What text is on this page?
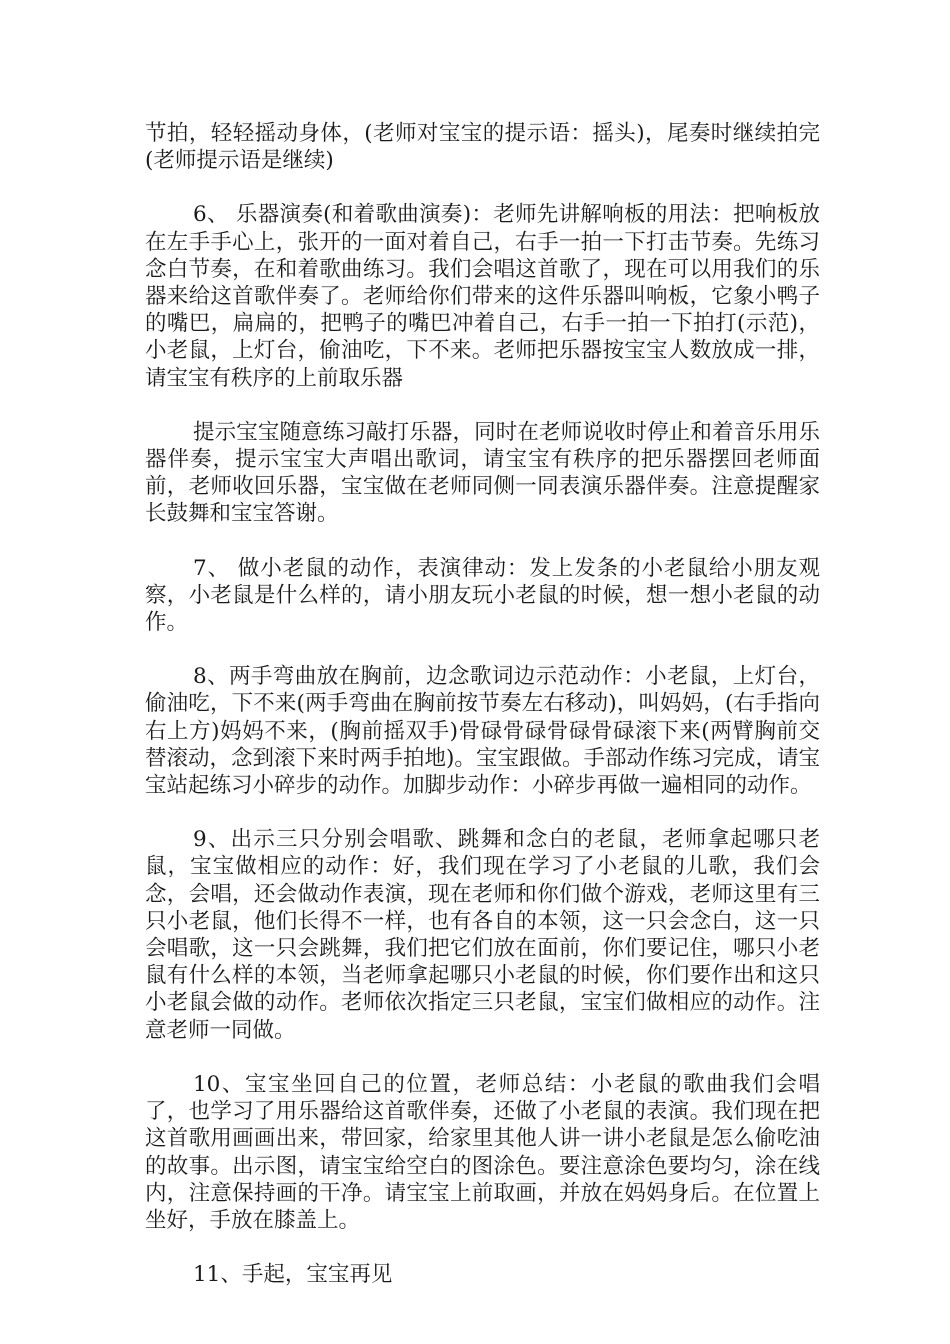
节拍，轻轻摇动身体，(老师对宝宝的提示语：摇头)，尾奏时继续拍完(老师提示语是继续)

6、 乐器演奏(和着歌曲演奏)：老师先讲解响板的用法：把响板放在左手手心上，张开的一面对着自己，右手一拍一下打击节奏。先练习念白节奏，在和着歌曲练习。我们会唱这首歌了，现在可以用我们的乐器来给这首歌伴奏了。老师给你们带来的这件乐器叫响板，它象小鸭子的嘴巴，扁扁的，把鸭子的嘴巴冲着自己，右手一拍一下拍打(示范)，小老鼠，上灯台，偷油吃，下不来。老师把乐器按宝宝人数放成一排，请宝宝有秩序的上前取乐器

提示宝宝随意练习敲打乐器，同时在老师说收时停止和着音乐用乐器伴奏，提示宝宝大声唱出歌词，请宝宝有秩序的把乐器摆回老师面前，老师收回乐器，宝宝做在老师同侧一同表演乐器伴奏。注意提醒家长鼓舞和宝宝答谢。

7、 做小老鼠的动作，表演律动：发上发条的小老鼠给小朋友观察，小老鼠是什么样的，请小朋友玩小老鼠的时候，想一想小老鼠的动作。

8、两手弯曲放在胸前，边念歌词边示范动作：小老鼠，上灯台，偷油吃，下不来(两手弯曲在胸前按节奏左右移动)，叫妈妈，(右手指向右上方)妈妈不来，(胸前摇双手)骨碌骨碌骨碌骨碌滚下来(两臂胸前交替滚动，念到滚下来时两手拍地)。宝宝跟做。手部动作练习完成，请宝宝站起练习小碎步的动作。加脚步动作：小碎步再做一遍相同的动作。

9、出示三只分别会唱歌、跳舞和念白的老鼠，老师拿起哪只老鼠，宝宝做相应的动作：好，我们现在学习了小老鼠的儿歌，我们会念，会唱，还会做动作表演，现在老师和你们做个游戏，老师这里有三只小老鼠，他们长得不一样，也有各自的本领，这一只会念白，这一只会唱歌，这一只会跳舞，我们把它们放在面前，你们要记住，哪只小老鼠有什么样的本领，当老师拿起哪只小老鼠的时候，你们要作出和这只小老鼠会做的动作。老师依次指定三只老鼠，宝宝们做相应的动作。注意老师一同做。

10、宝宝坐回自己的位置，老师总结：小老鼠的歌曲我们会唱了，也学习了用乐器给这首歌伴奏，还做了小老鼠的表演。我们现在把这首歌用画画出来，带回家，给家里其他人讲一讲小老鼠是怎么偷吃油的故事。出示图，请宝宝给空白的图涂色。要注意涂色要均匀，涂在线内，注意保持画的干净。请宝宝上前取画，并放在妈妈身后。在位置上坐好，手放在膝盖上。

11、手起，宝宝再见
